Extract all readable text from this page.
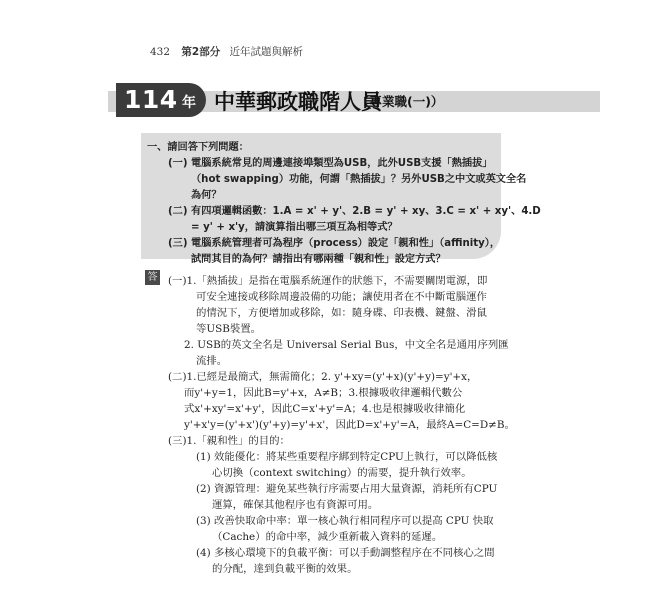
432 第2部分 近年試題與解析
114 年 中華郵政職階人員
（專業職(一)）
一、請回答下列問題：
(一) 電腦系統常見的周邊連接埠類型為USB，此外USB支援「熱插拔」
（hot swapping）功能，何謂「熱插拔」？另外USB之中文或英文全名
為何？
(二) 有四項邏輯函數：1.A = x' + y'、2.B = y' + xy、3.C = x' + xy'、4.D
= y' + x'y，請演算指出哪三項互為相等式？
(三) 電腦系統管理者可為程序（process）設定「親和性」（affinity），
試問其目的為何？請指出有哪兩種「親和性」設定方式？
答 (一)1.「熱插拔」是指在電腦系統運作的狀態下，不需要關閉電源，即
可安全連接或移除周邊設備的功能；讓使用者在不中斷電腦運作
的情況下，方便增加或移除，如：隨身碟、印表機、鍵盤、滑鼠
等USB裝置。
2. USB的英文全名是 Universal Serial Bus，中文全名是通用序列匯
流排。
(二)1.已經是最簡式，無需簡化；2. y'+xy=(y'+x)(y'+y)=y'+x，
而y'+y=1，因此B=y'+x，A≠B；3.根據吸收律邏輯代數公
式x'+xy'=x'+y'，因此C=x'+y'=A；4.也是根據吸收律簡化
y'+x'y=(y'+x')(y'+y)=y'+x'，因此D=x'+y'=A，最終A=C=D≠B。
(三)1.「親和性」的目的：
(1) 效能優化：將某些重要程序綁到特定CPU上執行，可以降低核
心切換（context switching）的需要，提升執行效率。
(2) 資源管理：避免某些執行序需要占用大量資源，消耗所有CPU
運算，確保其他程序也有資源可用。
(3) 改善快取命中率：單一核心執行相同程序可以提高 CPU 快取
（Cache）的命中率，減少重新載入資料的延遲。
(4) 多核心環境下的負載平衡：可以手動調整程序在不同核心之間
的分配，達到負載平衡的效果。
